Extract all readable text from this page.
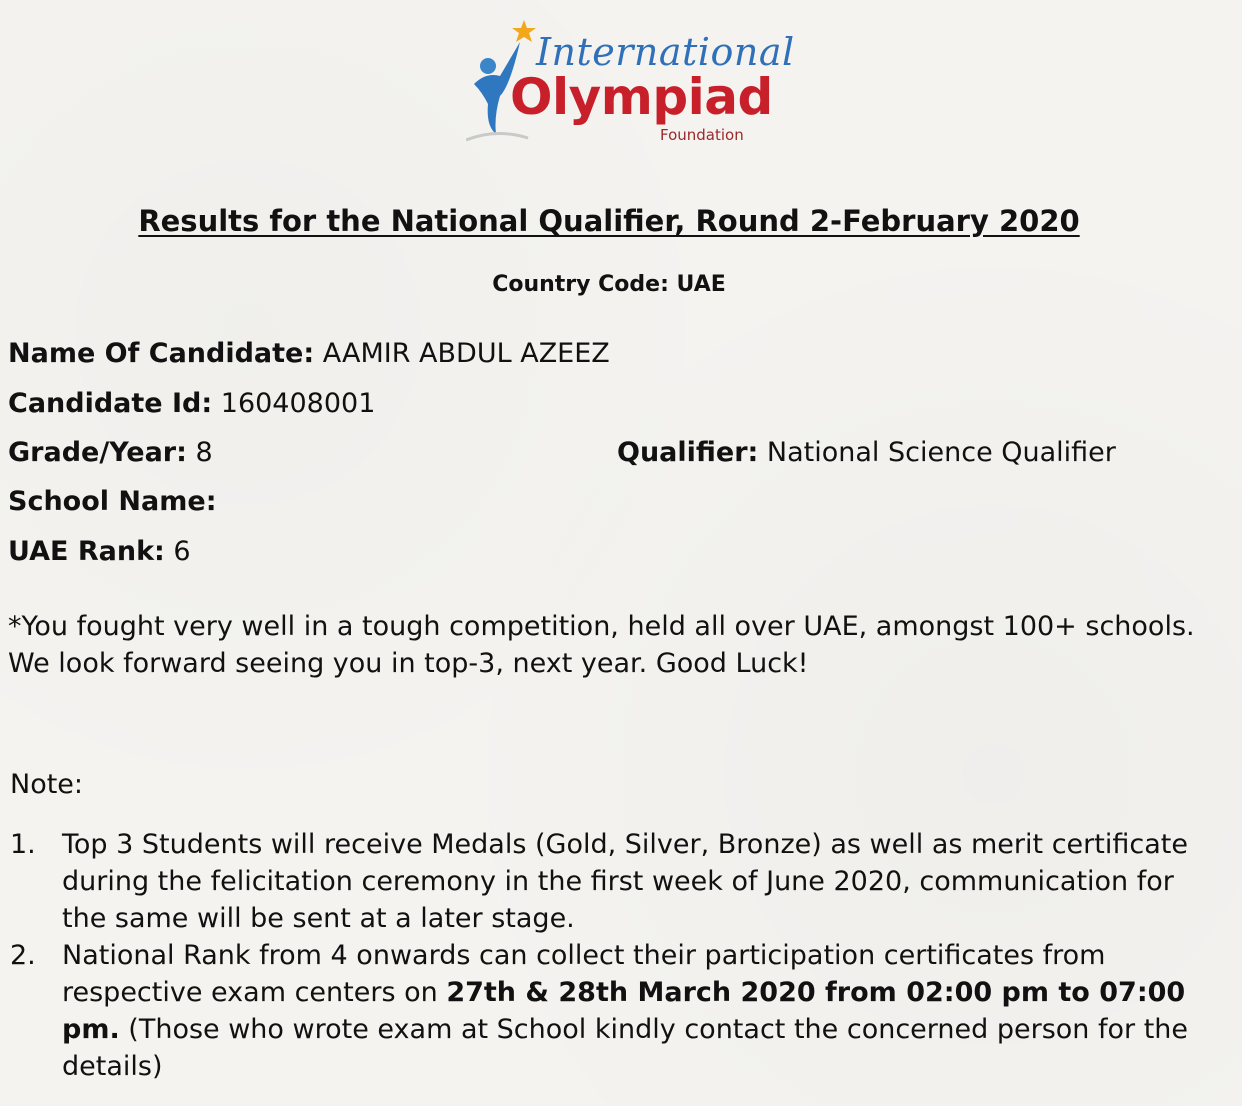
International
Olympiad
Foundation
Results for the National Qualifier, Round 2-February 2020
Country Code: UAE
Name Of Candidate: AAMIR ABDUL AZEEZ
Candidate Id: 160408001
Grade/Year: 8	Qualifier: National Science Qualifier
School Name:
UAE Rank: 6
*You fought very well in a tough competition, held all over UAE, amongst 100+ schools. We look forward seeing you in top-3, next year. Good Luck!
Note:
1. Top 3 Students will receive Medals (Gold, Silver, Bronze) as well as merit certificate during the felicitation ceremony in the first week of June 2020, communication for the same will be sent at a later stage.
2. National Rank from 4 onwards can collect their participation certificates from respective exam centers on 27th & 28th March 2020 from 02:00 pm to 07:00 pm. (Those who wrote exam at School kindly contact the concerned person for the details)
